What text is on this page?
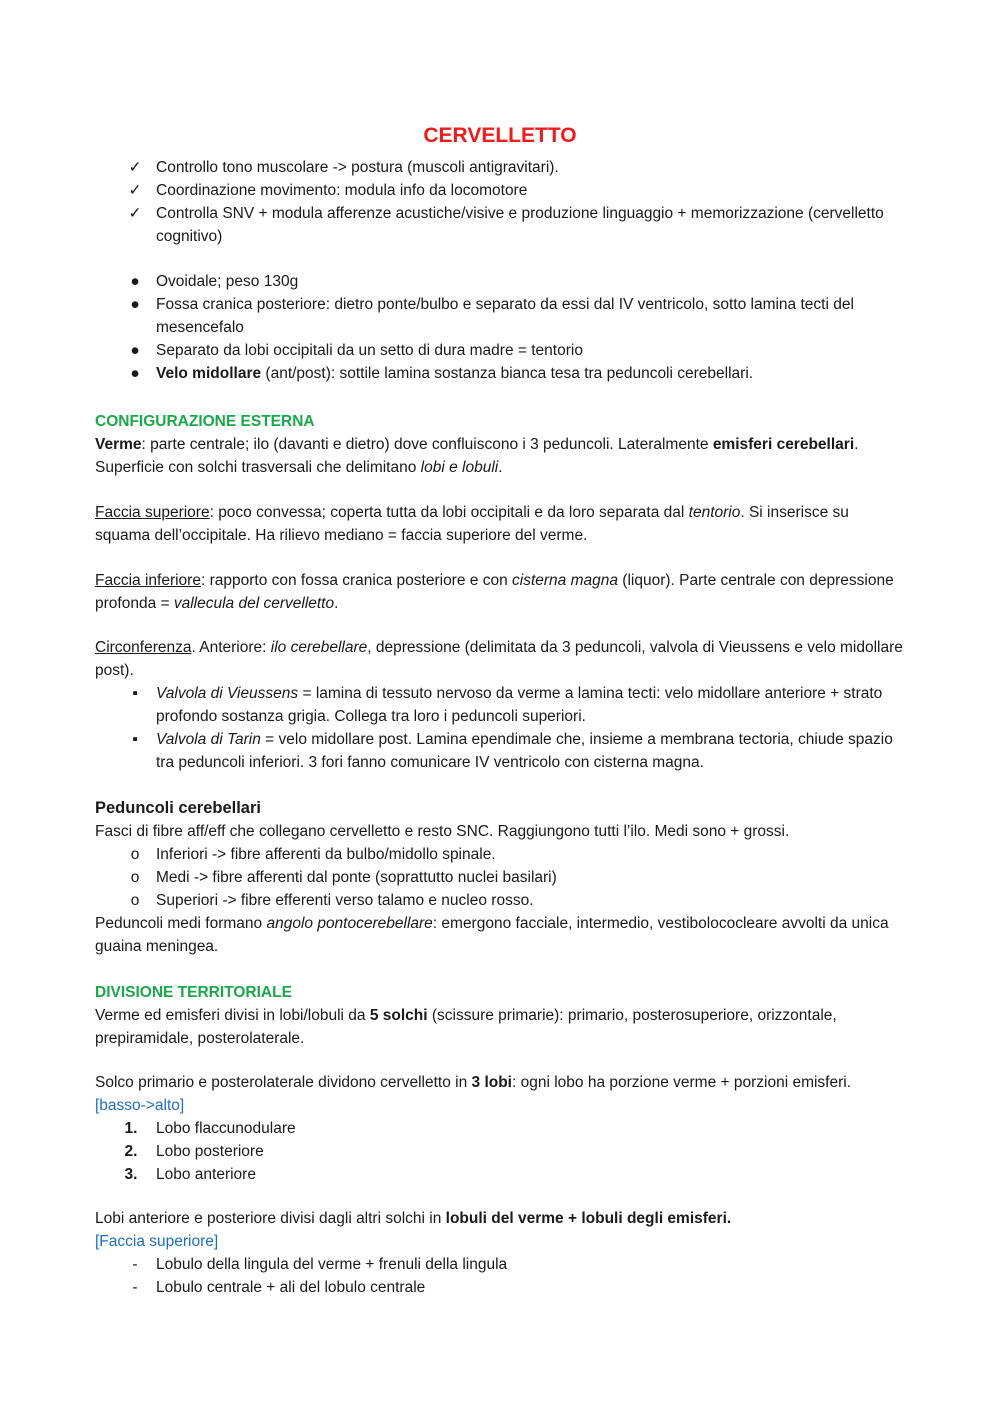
CERVELLETTO
✓ Controllo tono muscolare -> postura (muscoli antigravitari).
✓ Coordinazione movimento: modula info da locomotore
✓ Controlla SNV + modula afferenze acustiche/visive e produzione linguaggio + memorizzazione (cervelletto cognitivo)
●	Ovoidale; peso 130g
●	Fossa cranica posteriore: dietro ponte/bulbo e separato da essi dal IV ventricolo, sotto lamina tecti del mesencefalo
●	Separato da lobi occipitali da un setto di dura madre = tentorio
●	Velo midollare (ant/post): sottile lamina sostanza bianca tesa tra peduncoli cerebellari.

CONFIGURAZIONE ESTERNA

Verme: parte centrale; ilo (davanti e dietro) dove confluiscono i 3 peduncoli. Lateralmente emisferi cerebellari. Superficie con solchi trasversali che delimitano lobi e lobuli.

Faccia superiore: poco convessa; coperta tutta da lobi occipitali e da loro separata dal tentorio. Si inserisce su squama dell’occipitale. Ha rilievo mediano = faccia superiore del verme.

Faccia inferiore: rapporto con fossa cranica posteriore e con cisterna magna (liquor). Parte centrale con depressione profonda = vallecula del cervelletto.

Circonferenza. Anteriore: ilo cerebellare, depressione (delimitata da 3 peduncoli, valvola di Vieussens e velo midollare post).

▪	Valvola di Vieussens = lamina di tessuto nervoso da verme a lamina tecti: velo midollare anteriore + strato profondo sostanza grigia. Collega tra loro i peduncoli superiori.
▪	Valvola di Tarin = velo midollare post. Lamina ependimale che, insieme a membrana tectoria, chiude spazio tra peduncoli inferiori. 3 fori fanno comunicare IV ventricolo con cisterna magna.

Peduncoli cerebellari

Fasci di fibre aff/eff che collegano cervelletto e resto SNC. Raggiungono tutti l’ilo. Medi sono + grossi.

o	Inferiori -> fibre afferenti da bulbo/midollo spinale.
o	Medi -> fibre afferenti dal ponte (soprattutto nuclei basilari)
o	Superiori -> fibre efferenti verso talamo e nucleo rosso.

Peduncoli medi formano angolo pontocerebellare: emergono facciale, intermedio, vestibolococleare avvolti da unica guaina meningea.

DIVISIONE TERRITORIALE

Verme ed emisferi divisi in lobi/lobuli da 5 solchi (scissure primarie): primario, posterosuperiore, orizzontale, prepiramidale, posterolaterale.

Solco primario e posterolaterale dividono cervelletto in 3 lobi: ogni lobo ha porzione verme + porzioni emisferi. [basso->alto]

1.	Lobo flaccunodulare
2.	Lobo posteriore
3.	Lobo anteriore

Lobi anteriore e posteriore divisi dagli altri solchi in lobuli del verme + lobuli degli emisferi.

[Faccia superiore]

-	Lobulo della lingula del verme + frenuli della lingula
-	Lobulo centrale + ali del lobulo centrale
